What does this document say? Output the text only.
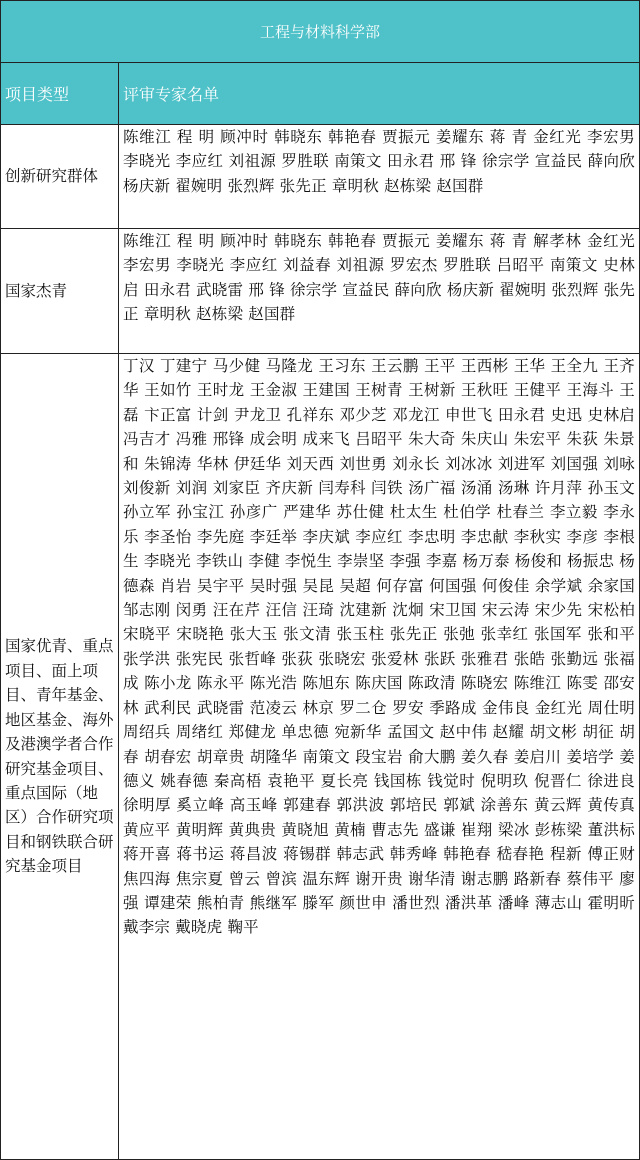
工程与材料科学部
项目类型	评审专家名单
创新研究群体
陈维江 程 明 顾冲时 韩晓东 韩艳春 贾振元 姜耀东 蒋 青 金红光 李宏男 李晓光 李应红 刘祖源 罗胜联 南策文 田永君 邢 锋 徐宗学 宣益民 薛向欣 杨庆新 翟婉明 张烈辉 张先正 章明秋 赵栋梁 赵国群
国家杰青
陈维江 程 明 顾冲时 韩晓东 韩艳春 贾振元 姜耀东 蒋 青 解孝林 金红光 李宏男 李晓光 李应红 刘益春 刘祖源 罗宏杰 罗胜联 吕昭平 南策文 史林启 田永君 武晓雷 邢 锋 徐宗学 宣益民 薛向欣 杨庆新 翟婉明 张烈辉 张先正 章明秋 赵栋梁 赵国群
国家优青、重点项目、面上项目、青年基金、地区基金、海外及港澳学者合作研究基金项目、重点国际（地区）合作研究项目和钢铁联合研究基金项目
丁汉 丁建宁 马少健 马隆龙 王习东 王云鹏 王平 王西彬 王华 王全九 王齐华 王如竹 王时龙 王金淑 王建国 王树青 王树新 王秋旺 王健平 王海斗 王磊 卞正富 计剑 尹龙卫 孔祥东 邓少芝 邓龙江 申世飞 田永君 史迅 史林启 冯吉才 冯雅 邢锋 成会明 成来飞 吕昭平 朱大奇 朱庆山 朱宏平 朱荻 朱景和 朱锦涛 华林 伊廷华 刘天西 刘世勇 刘永长 刘冰冰 刘进军 刘国强 刘咏 刘俊新 刘润 刘家臣 齐庆新 闫寿科 闫铁 汤广福 汤涌 汤琳 许月萍 孙玉文 孙立军 孙宝江 孙彦广 严建华 苏仕健 杜太生 杜伯学 杜春兰 李立毅 李永乐 李圣怡 李先庭 李廷举 李庆斌 李应红 李忠明 李忠献 李秋实 李彦 李根生 李晓光 李铁山 李健 李悦生 李崇坚 李强 李嘉 杨万泰 杨俊和 杨振忠 杨德森 肖岩 吴宇平 吴时强 吴昆 吴超 何存富 何国强 何俊佳 余学斌 余家国 邹志刚 闵勇 汪在芹 汪信 汪琦 沈建新 沈炯 宋卫国 宋云涛 宋少先 宋松柏 宋晓平 宋晓艳 张大玉 张文清 张玉柱 张先正 张弛 张幸红 张国军 张和平 张学洪 张宪民 张哲峰 张荻 张晓宏 张爱林 张跃 张雅君 张皓 张勤远 张福成 陈小龙 陈永平 陈光浩 陈旭东 陈庆国 陈政清 陈晓宏 陈维江 陈雯 邵安林 武利民 武晓雷 范凌云 林京 罗二仓 罗安 季路成 金伟良 金红光 周仕明 周绍兵 周绪红 郑健龙 单忠德 宛新华 孟国文 赵中伟 赵耀 胡文彬 胡征 胡春 胡春宏 胡章贵 胡隆华 南策文 段宝岩 俞大鹏 姜久春 姜启川 姜培学 姜德义 姚春德 秦高梧 袁艳平 夏长亮 钱国栋 钱觉时 倪明玖 倪晋仁 徐进良 徐明厚 奚立峰 高玉峰 郭建春 郭洪波 郭培民 郭斌 涂善东 黄云辉 黄传真 黄应平 黄明辉 黄典贵 黄晓旭 黄楠 曹志先 盛谦 崔翔 梁冰 彭栋梁 董洪标 蒋开喜 蒋书运 蒋昌波 蒋锡群 韩志武 韩秀峰 韩艳春 嵇春艳 程新 傅正财 焦四海 焦宗夏 曾云 曾滨 温东辉 谢开贵 谢华清 谢志鹏 路新春 蔡伟平 廖强 谭建荣 熊柏青 熊继军 滕军 颜世申 潘世烈 潘洪革 潘峰 薄志山 霍明昕 戴李宗 戴晓虎 鞠平
